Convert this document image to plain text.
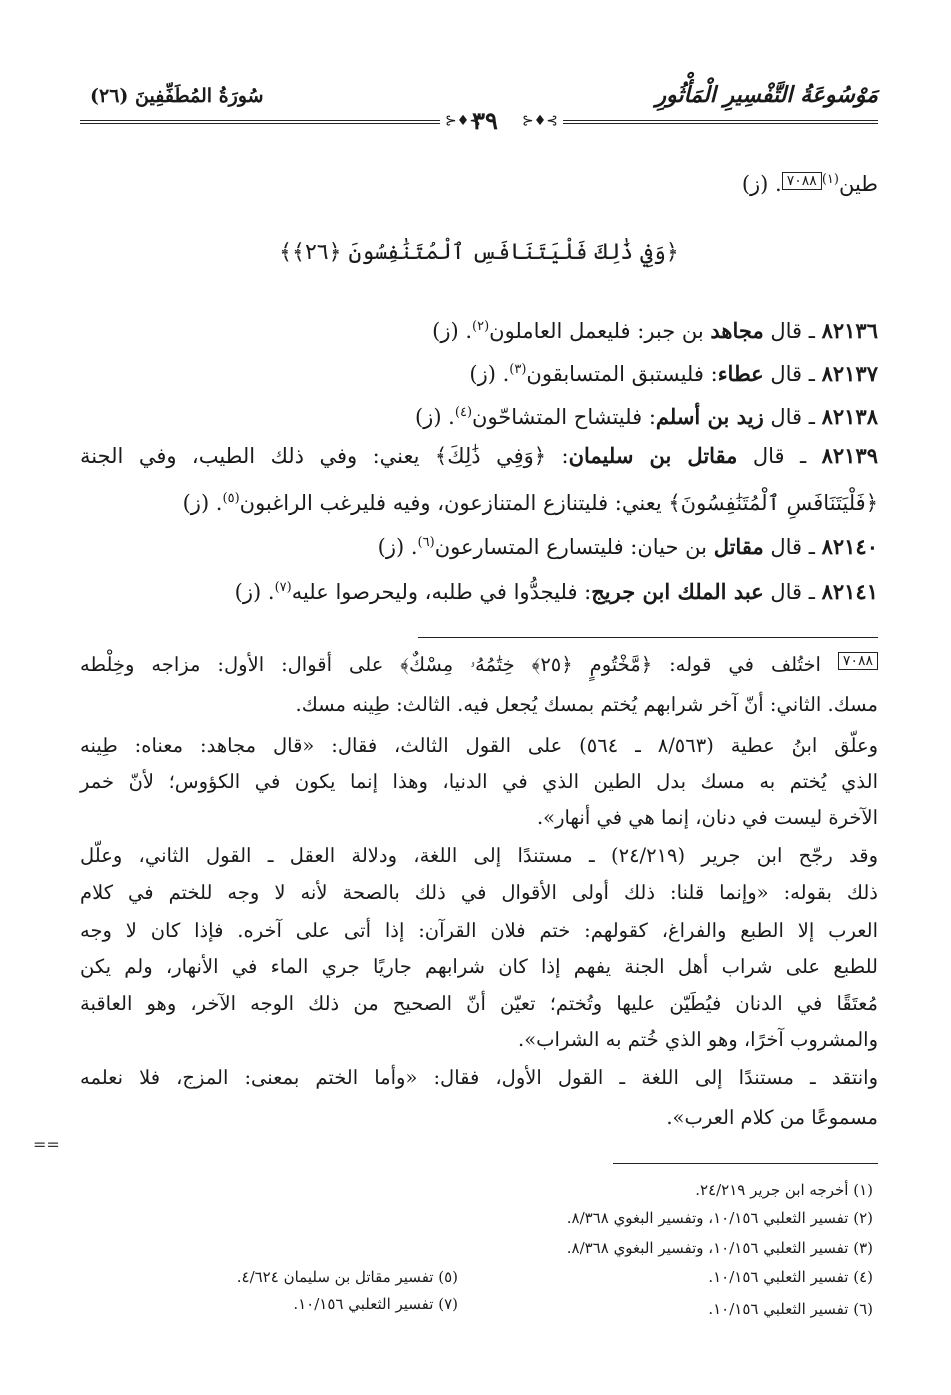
مَوْسُوعَةُ التَّفْسِيرِ الْمَأْثُورِ
سُورَةُ المُطَفِّفِينَ (٢٦)
⊱♦⊰
٣٩
⊱♦⊰
طين$^{(١)}$٧٠٨٨. (ز)
﴿وَفِي ذَٰلِكَ فَلْيَتَنَافَسِ ٱلْمُتَنَٰفِسُونَ ﴿٢٦﴾﴾
٨٢١٣٦ ـ قال مجاهد بن جبر: فليعمل العاملون$^{(٢)}$. (ز)
٨٢١٣٧ ـ قال عطاء: فليستبق المتسابقون$^{(٣)}$. (ز)
٨٢١٣٨ ـ قال زيد بن أسلم: فليتشاح المتشاحّون$^{(٤)}$. (ز)
٨٢١٣٩ ـ قال مقاتل بن سليمان: ﴿وَفِي ذَٰلِكَ﴾ يعني: وفي ذلك الطيب، وفي الجنة
﴿فَلْيَتَنَافَسِ ٱلْمُتَنَٰفِسُونَ﴾ يعني: فليتنازع المتنازعون، وفيه فليرغب الراغبون$^{(٥)}$. (ز)
٨٢١٤٠ ـ قال مقاتل بن حيان: فليتسارع المتسارعون$^{(٦)}$. (ز)
٨٢١٤١ ـ قال عبد الملك ابن جريج: فليجدُّوا في طلبه، وليحرصوا عليه$^{(٧)}$. (ز)
٧٠٨٨ اختُلف في قوله: ﴿مَّخْتُومٍ ﴿٢٥﴾ خِتَٰمُهُۥ مِسْكٌ﴾ على أقوال: الأول: مزاجه وخِلْطه
مسك. الثاني: أنّ آخر شرابهم يُختم بمسك يُجعل فيه. الثالث: طِينه مسك.
وعلّق ابنُ عطية (٨/٥٦٣ ـ ٥٦٤) على القول الثالث، فقال: «قال مجاهد: معناه: طِينه
الذي يُختم به مسك بدل الطين الذي في الدنيا، وهذا إنما يكون في الكؤوس؛ لأنّ خمر
الآخرة ليست في دنان، إنما هي في أنهار».
وقد رجّح ابن جرير (٢٤/٢١٩) ـ مستندًا إلى اللغة، ودلالة العقل ـ القول الثاني، وعلّل
ذلك بقوله: «وإنما قلنا: ذلك أولى الأقوال في ذلك بالصحة لأنه لا وجه للختم في كلام
العرب إلا الطبع والفراغ، كقولهم: ختم فلان القرآن: إذا أتى على آخره. فإذا كان لا وجه
للطبع على شراب أهل الجنة يفهم إذا كان شرابهم جاريًا جري الماء في الأنهار، ولم يكن
مُعتَقًا في الدنان فيُطَيّن عليها وتُختم؛ تعيّن أنّ الصحيح من ذلك الوجه الآخر، وهو العاقبة
والمشروب آخرًا، وهو الذي خُتم به الشراب».
وانتقد ـ مستندًا إلى اللغة ـ القول الأول، فقال: «وأما الختم بمعنى: المزج، فلا نعلمه
مسموعًا من كلام العرب».
(١) أخرجه ابن جرير ٢٤/٢١٩.
(٢) تفسير الثعلبي ١٠/١٥٦، وتفسير البغوي ٨/٣٦٨.
(٣) تفسير الثعلبي ١٠/١٥٦، وتفسير البغوي ٨/٣٦٨.
(٤) تفسير الثعلبي ١٠/١٥٦.
(٥) تفسير مقاتل بن سليمان ٤/٦٢٤.
(٦) تفسير الثعلبي ١٠/١٥٦.
(٧) تفسير الثعلبي ١٠/١٥٦.
==
